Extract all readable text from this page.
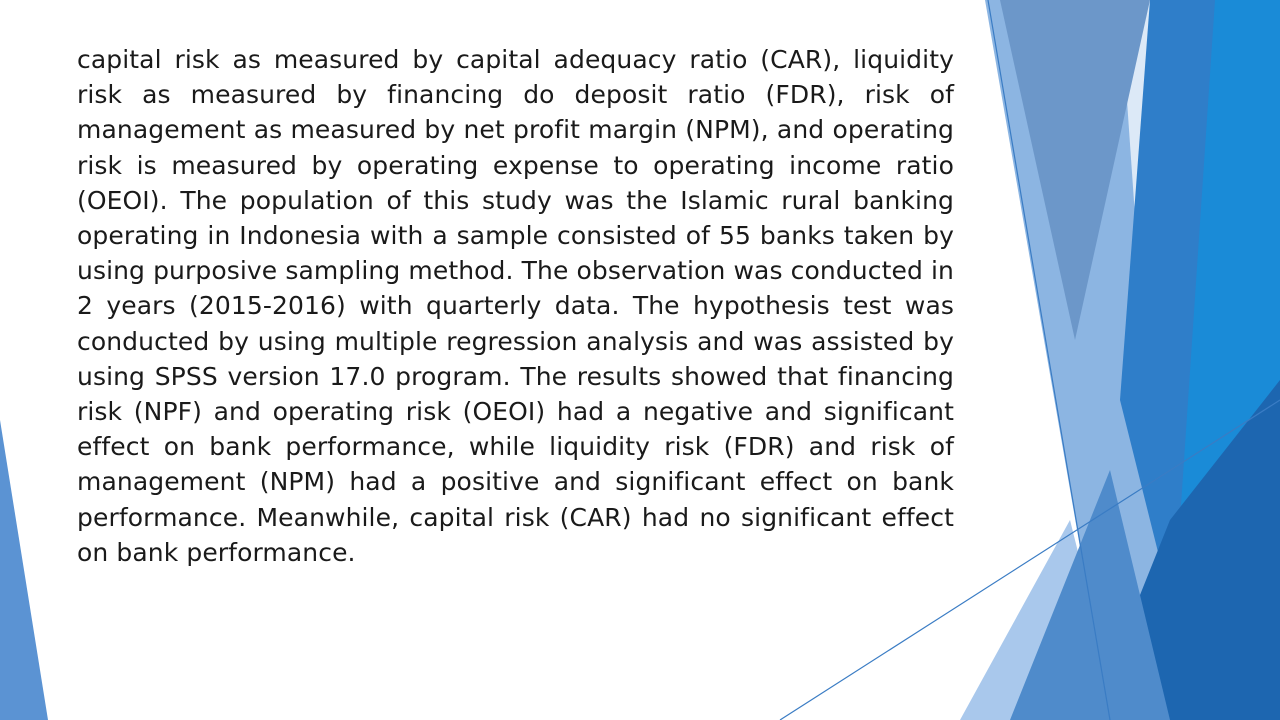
capital risk as measured by capital adequacy ratio (CAR), liquidity risk as measured by financing do deposit ratio (FDR), risk of management as measured by net profit margin (NPM), and operating risk is measured by operating expense to operating income ratio (OEOI). The population of this study was the Islamic rural banking operating in Indonesia with a sample consisted of 55 banks taken by using purposive sampling method. The observation was conducted in 2 years (2015-2016) with quarterly data. The hypothesis test was conducted by using multiple regression analysis and was assisted by using SPSS version 17.0 program. The results showed that financing risk (NPF) and operating risk (OEOI) had a negative and significant effect on bank performance, while liquidity risk (FDR) and risk of management (NPM) had a positive and significant effect on bank performance. Meanwhile, capital risk (CAR) had no significant effect on bank performance.
